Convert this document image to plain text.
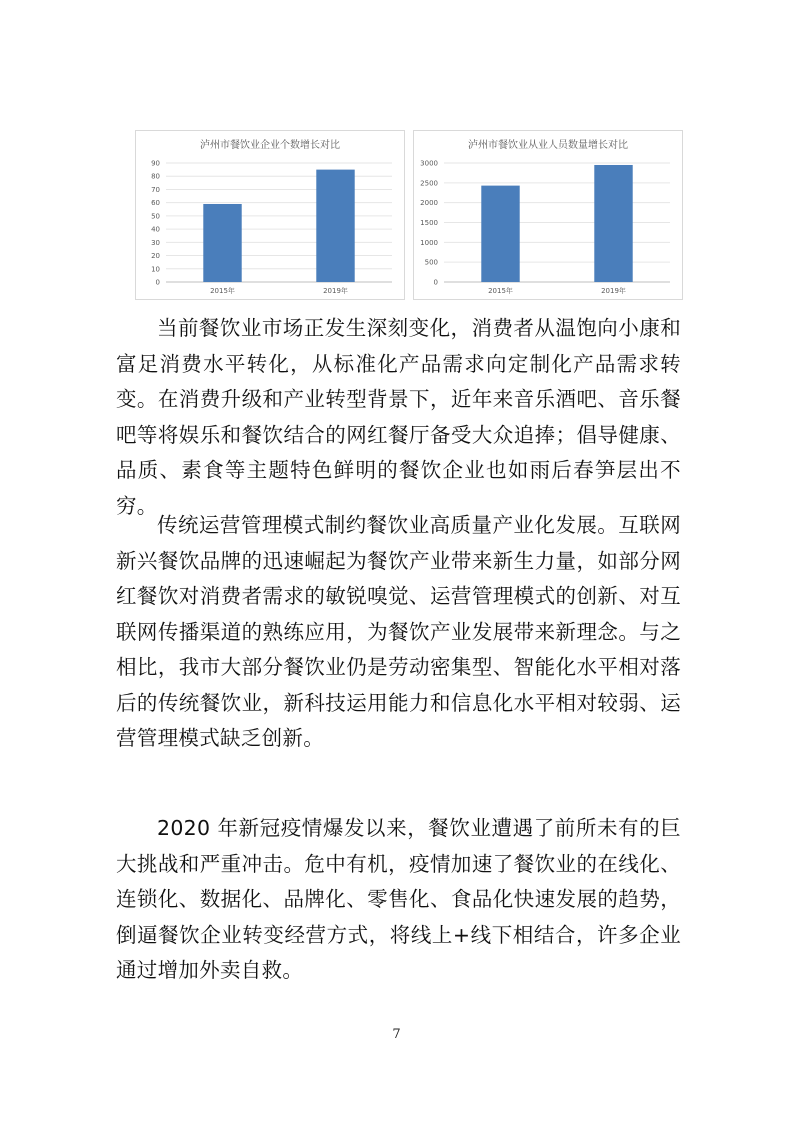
泸州市餐饮业企业个数增长对比
0
10
20
30
40
50
60
70
80
90
2015年	2019年
泸州市餐饮业从业人员数量增长对比
0
500
1000
1500
2000
2500
3000
2015年	2019年

当前餐饮业市场正发生深刻变化，消费者从温饱向小康和富足消费水平转化，从标准化产品需求向定制化产品需求转变。在消费升级和产业转型背景下，近年来音乐酒吧、音乐餐吧等将娱乐和餐饮结合的网红餐厅备受大众追捧；倡导健康、品质、素食等主题特色鲜明的餐饮企业也如雨后春笋层出不穷。

传统运营管理模式制约餐饮业高质量产业化发展。互联网新兴餐饮品牌的迅速崛起为餐饮产业带来新生力量，如部分网红餐饮对消费者需求的敏锐嗅觉、运营管理模式的创新、对互联网传播渠道的熟练应用，为餐饮产业发展带来新理念。与之相比，我市大部分餐饮业仍是劳动密集型、智能化水平相对落后的传统餐饮业，新科技运用能力和信息化水平相对较弱、运营管理模式缺乏创新。

2020 年新冠疫情爆发以来，餐饮业遭遇了前所未有的巨大挑战和严重冲击。危中有机，疫情加速了餐饮业的在线化、连锁化、数据化、品牌化、零售化、食品化快速发展的趋势，倒逼餐饮企业转变经营方式，将线上+线下相结合，许多企业通过增加外卖自救。

7
